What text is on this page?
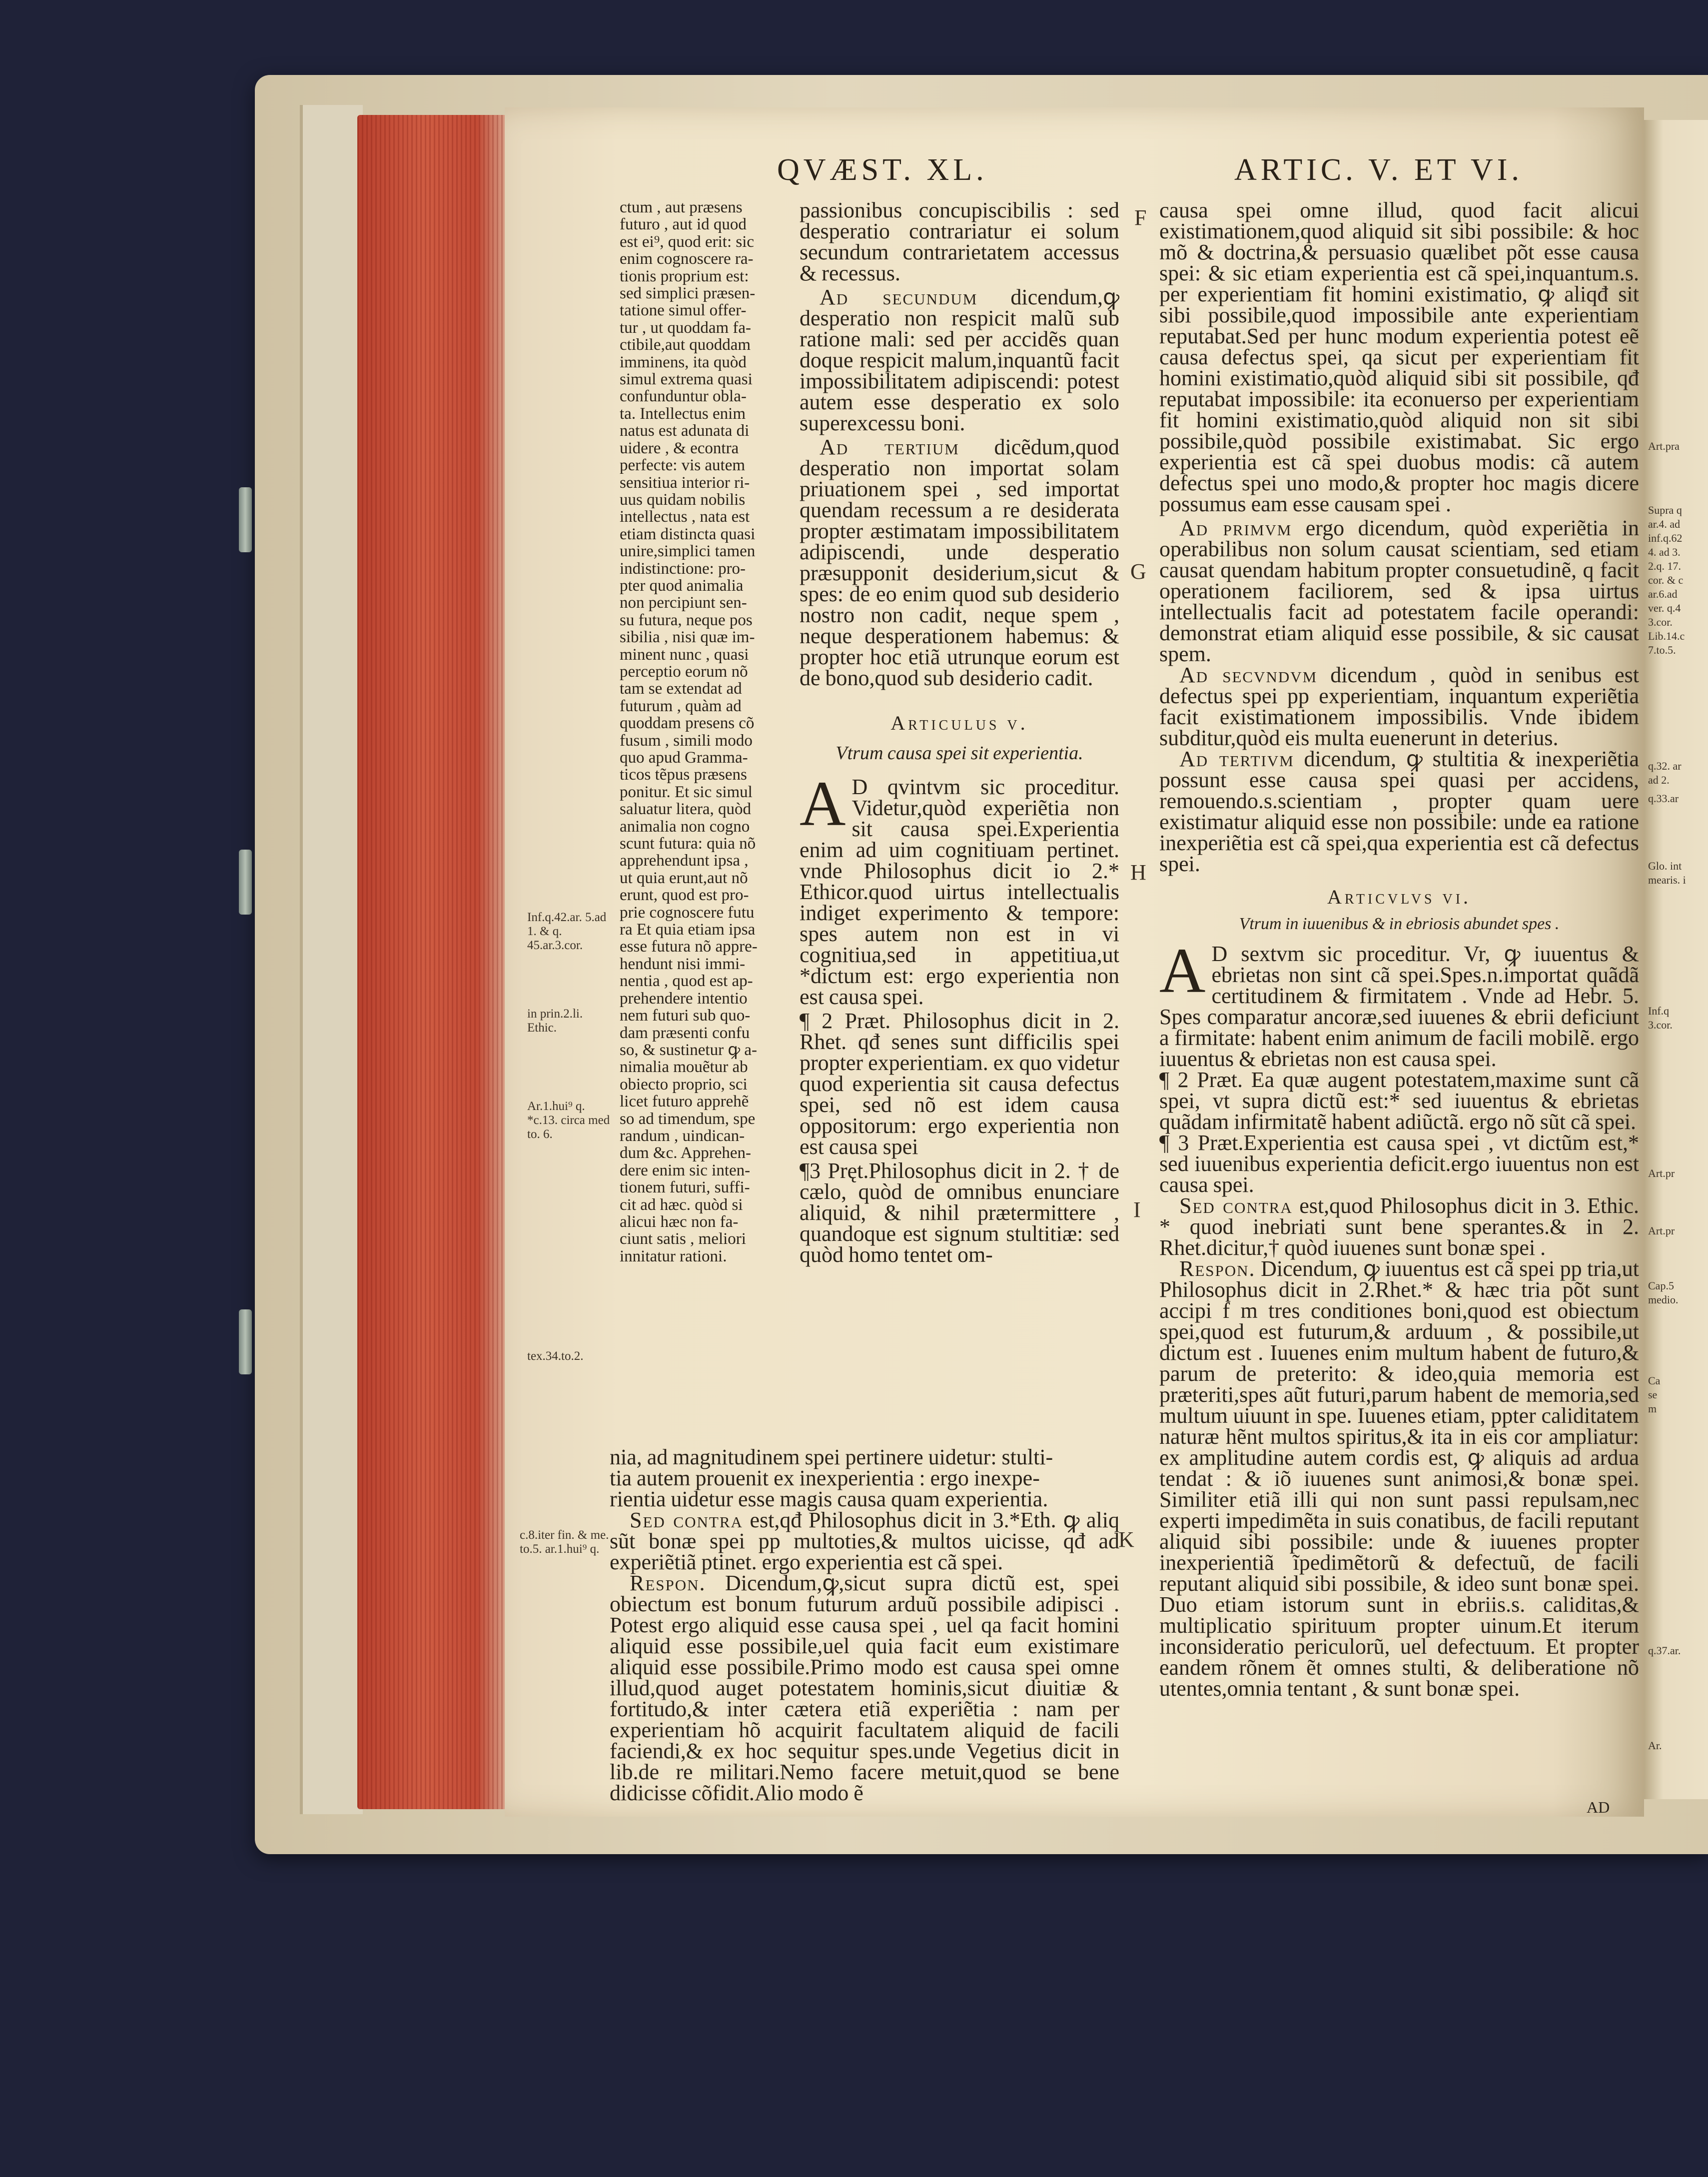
Art.pra
Supra q
ar.4. ad
inf.q.62
4. ad 3.
2.q. 17.
cor. & c
ar.6.ad
ver. q.4
3.cor.
Lib.14.c
7.to.5.
q.32. ar
ad 2.
q.33.ar
Glo. int
mearis. i
Inf.q
3.cor.
Art.pr
Art.pr
Cap.5
medio.
Ca
se
m
q.37.ar.
Ar.
QVÆST. XL.	ARTIC. V. ET VI.
Inf.q.42.ar. 5.ad 1. & q. 45.ar.3.cor.
in prin.2.li. Ethic.
Ar.1.hui⁹ q. *c.13. circa med to. 6.
tex.34.to.2.
c.8.iter fin. & me. to.5. ar.1.hui⁹ q.
ctum , aut præsens
futuro , aut id quod
est ei⁹, quod erit: sic
enim cognoscere ra-
tionis proprium est:
sed simplici præsen-
tatione simul offer-
tur , ut quoddam fa-
ctibile,aut quoddam
imminens, ita quòd
simul extrema quasi
confunduntur obla-
ta. Intellectus enim
natus est adunata di
uidere , & econtra
perfecte: vis autem
sensitiua interior ri-
uus quidam nobilis
intellectus , nata est
etiam distincta quasi
unire,simplici tamen
indistinctione: pro-
pter quod animalia
non percipiunt sen-
su futura, neque pos
sibilia , nisi quæ im-
minent nunc , quasi
perceptio eorum nõ
tam se extendat ad
futurum , quàm ad
quoddam presens cõ
fusum , simili modo
quo apud Gramma-
ticos tẽpus præsens
ponitur. Et sic simul
saluatur litera, quòd
animalia non cogno
scunt futura: quia nõ
apprehendunt ipsa ,
ut quia erunt,aut nõ
erunt, quod est pro-
prie cognoscere futu
ra Et quia etiam ipsa
esse futura nõ appre-
hendunt nisi immi-
nentia , quod est ap-
prehendere intentio
nem futuri sub quo-
dam præsenti confu
so, & sustinetur ꝙ a-
nimalia mouẽtur ab
obiecto proprio, sci
licet futuro apprehẽ
so ad timendum, spe
randum , uindican-
dum &c. Apprehen-
dere enim sic inten-
tionem futuri, suffi-
cit ad hæc. quòd si
alicui hæc non fa-
ciunt satis , meliori
innitatur rationi.
nia, ad magnitudinem spei pertinere uidetur: stulti-
tia autem prouenit ex inexperientia : ergo inexpe-
rientia uidetur esse magis causa quam experientia.

Sed contra est,qđ Philosophus dicit in 3.*Eth. ꝙ aliq sũt bonæ spei pp multoties,& multos uicisse, qđ ad experiẽtiã ptinet. ergo experientia est cã spei.

Respon. Dicendum,ꝙ,sicut supra dictũ est, spei obiectum est bonum futurum arduũ possibile adipisci . Potest ergo aliquid esse causa spei , uel qa facit homini aliquid esse possibile,uel quia facit eum existimare aliquid esse possibile.Primo modo est causa spei omne illud,quod auget potestatem hominis,sicut diuitiæ & fortitudo,& inter cætera etiã experiẽtia : nam per experientiam hõ acquirit facultatem aliquid de facili faciendi,& ex hoc sequitur spes.unde Vegetius dicit in lib.de re militari.Nemo facere metuit,quod se bene didicisse cõfidit.Alio modo ẽ

passionibus concupiscibilis : sed desperatio contrariatur ei solum secundum contrarietatem accessus & recessus.

Ad secundum dicendum,ꝙ desperatio non respicit malũ sub ratione mali: sed per accidẽs quan doque respicit malum,inquantũ facit impossibilitatem adipiscendi: potest autem esse desperatio ex solo superexcessu boni.

Ad tertium dicẽdum,quod desperatio non importat solam priuationem spei , sed importat quendam recessum a re desiderata propter æstimatam impossibilitatem adipiscendi, unde desperatio præsupponit desiderium,sicut & spes: de eo enim quod sub desiderio nostro non cadit, neque spem , neque desperationem habemus: & propter hoc etiã utrunque eorum est de bono,quod sub desiderio cadit.

Articulus v.
Vtrum causa spei sit experientia.

A D qvintvm sic proceditur. Videtur,quòd experiẽtia non sit causa spei.Experientia enim ad uim cognitiuam pertinet. vnde Philosophus dicit io 2.* Ethicor.quod uirtus intellectualis indiget experimento & tempore: spes autem non est in vi cognitiua,sed in appetitiua,ut *dictum est: ergo experientia non est causa spei.

¶ 2 Præt. Philosophus dicit in 2. Rhet. qđ senes sunt difficilis spei propter experientiam. ex quo videtur quod experientia sit causa defectus spei, sed nõ est idem causa oppositorum: ergo experientia non est causa spei

¶3 Pręt.Philosophus dicit in 2. † de cælo, quòd de omnibus enunciare aliquid, & nihil prætermittere , quandoque est signum stultitiæ: sed quòd homo tentet om-

causa spei omne illud, quod facit alicui existimationem,quod aliquid sit sibi possibile: & hoc mõ & doctrina,& persuasio quælibet põt esse causa spei: & sic etiam experientia est cã spei,inquantum.s. per experientiam fit homini existimatio, ꝙ aliqđ sit sibi possibile,quod impossibile ante experientiam reputabat.Sed per hunc modum experientia potest eẽ causa defectus spei, qa sicut per experientiam fit homini existimatio,quòd aliquid sibi sit possibile, qđ reputabat impossibile: ita econuerso per experientiam fit homini existimatio,quòd aliquid non sit sibi possibile,quòd possibile existimabat. Sic ergo experientia est cã spei duobus modis: cã autem defectus spei uno modo,& propter hoc magis dicere possumus eam esse causam spei .

Ad primvm ergo dicendum, quòd experiẽtia in operabilibus non solum causat scientiam, sed etiam causat quendam habitum propter consuetudinẽ, q facit operationem faciliorem, sed & ipsa uirtus intellectualis facit ad potestatem facile operandi: demonstrat etiam aliquid esse possibile, & sic causat spem.

Ad secvndvm dicendum , quòd in senibus est defectus spei pp experientiam, inquantum experiẽtia facit existimationem impossibilis. Vnde ibidem subditur,quòd eis multa euenerunt in deterius.

Ad tertivm dicendum, ꝙ stultitia & inexperiẽtia possunt esse causa spei quasi per accidens, remouendo.s.scientiam , propter quam uere existimatur aliquid esse non possibile: unde ea ratione inexperiẽtia est cã spei,qua experientia est cã defectus spei.

Articvlvs vi.
Vtrum in iuuenibus & in ebriosis abundet spes .

A D sextvm sic proceditur. Vr, ꝙ iuuentus & ebrietas non sint cã spei.Spes.n.importat quãdã certitudinem & firmitatem . Vnde ad Hebr. 5. Spes comparatur ancoræ,sed iuuenes & ebrii deficiunt a firmitate: habent enim animum de facili mobilẽ. ergo iuuentus & ebrietas non est causa spei.

¶ 2 Præt. Ea quæ augent potestatem,maxime sunt cã spei, vt supra dictũ est:* sed iuuentus & ebrietas quãdam infirmitatẽ habent adiũctã. ergo nõ sũt cã spei.

¶ 3 Præt.Experientia est causa spei , vt dictũm est,* sed iuuenibus experientia deficit.ergo iuuentus non est causa spei.

Sed contra est,quod Philosophus dicit in 3. Ethic. * quod inebriati sunt bene sperantes.& in 2. Rhet.dicitur,† quòd iuuenes sunt bonæ spei .

Respon. Dicendum, ꝙ iuuentus est cã spei pp tria,ut Philosophus dicit in 2.Rhet.* & hæc tria põt sunt accipi f m tres conditiones boni,quod est obiectum spei,quod est futurum,& arduum , & possibile,ut dictum est . Iuuenes enim multum habent de futuro,& parum de preterito: & ideo,quia memoria est præteriti,spes aũt futuri,parum habent de memoria,sed multum uiuunt in spe. Iuuenes etiam, ppter caliditatem naturæ hẽnt multos spiritus,& ita in eis cor ampliatur: ex amplitudine autem cordis est, ꝙ aliquis ad ardua tendat : & iõ iuuenes sunt animosi,& bonæ spei. Similiter etiã illi qui non sunt passi repulsam,nec experti impedimẽta in suis conatibus, de facili reputant aliquid sibi possibile: unde & iuuenes propter inexperientiã ĩpedimẽtorũ & defectuũ, de facili reputant aliquid sibi possibile, & ideo sunt bonæ spei. Duo etiam istorum sunt in ebriis.s. caliditas,& multiplicatio spirituum propter uinum.Et iterum inconsideratio periculorũ, uel defectuum. Et propter eandem rõnem ẽt omnes stulti, & deliberatione nõ utentes,omnia tentant , & sunt bonæ spei.

F
G
H
I
K
AD
